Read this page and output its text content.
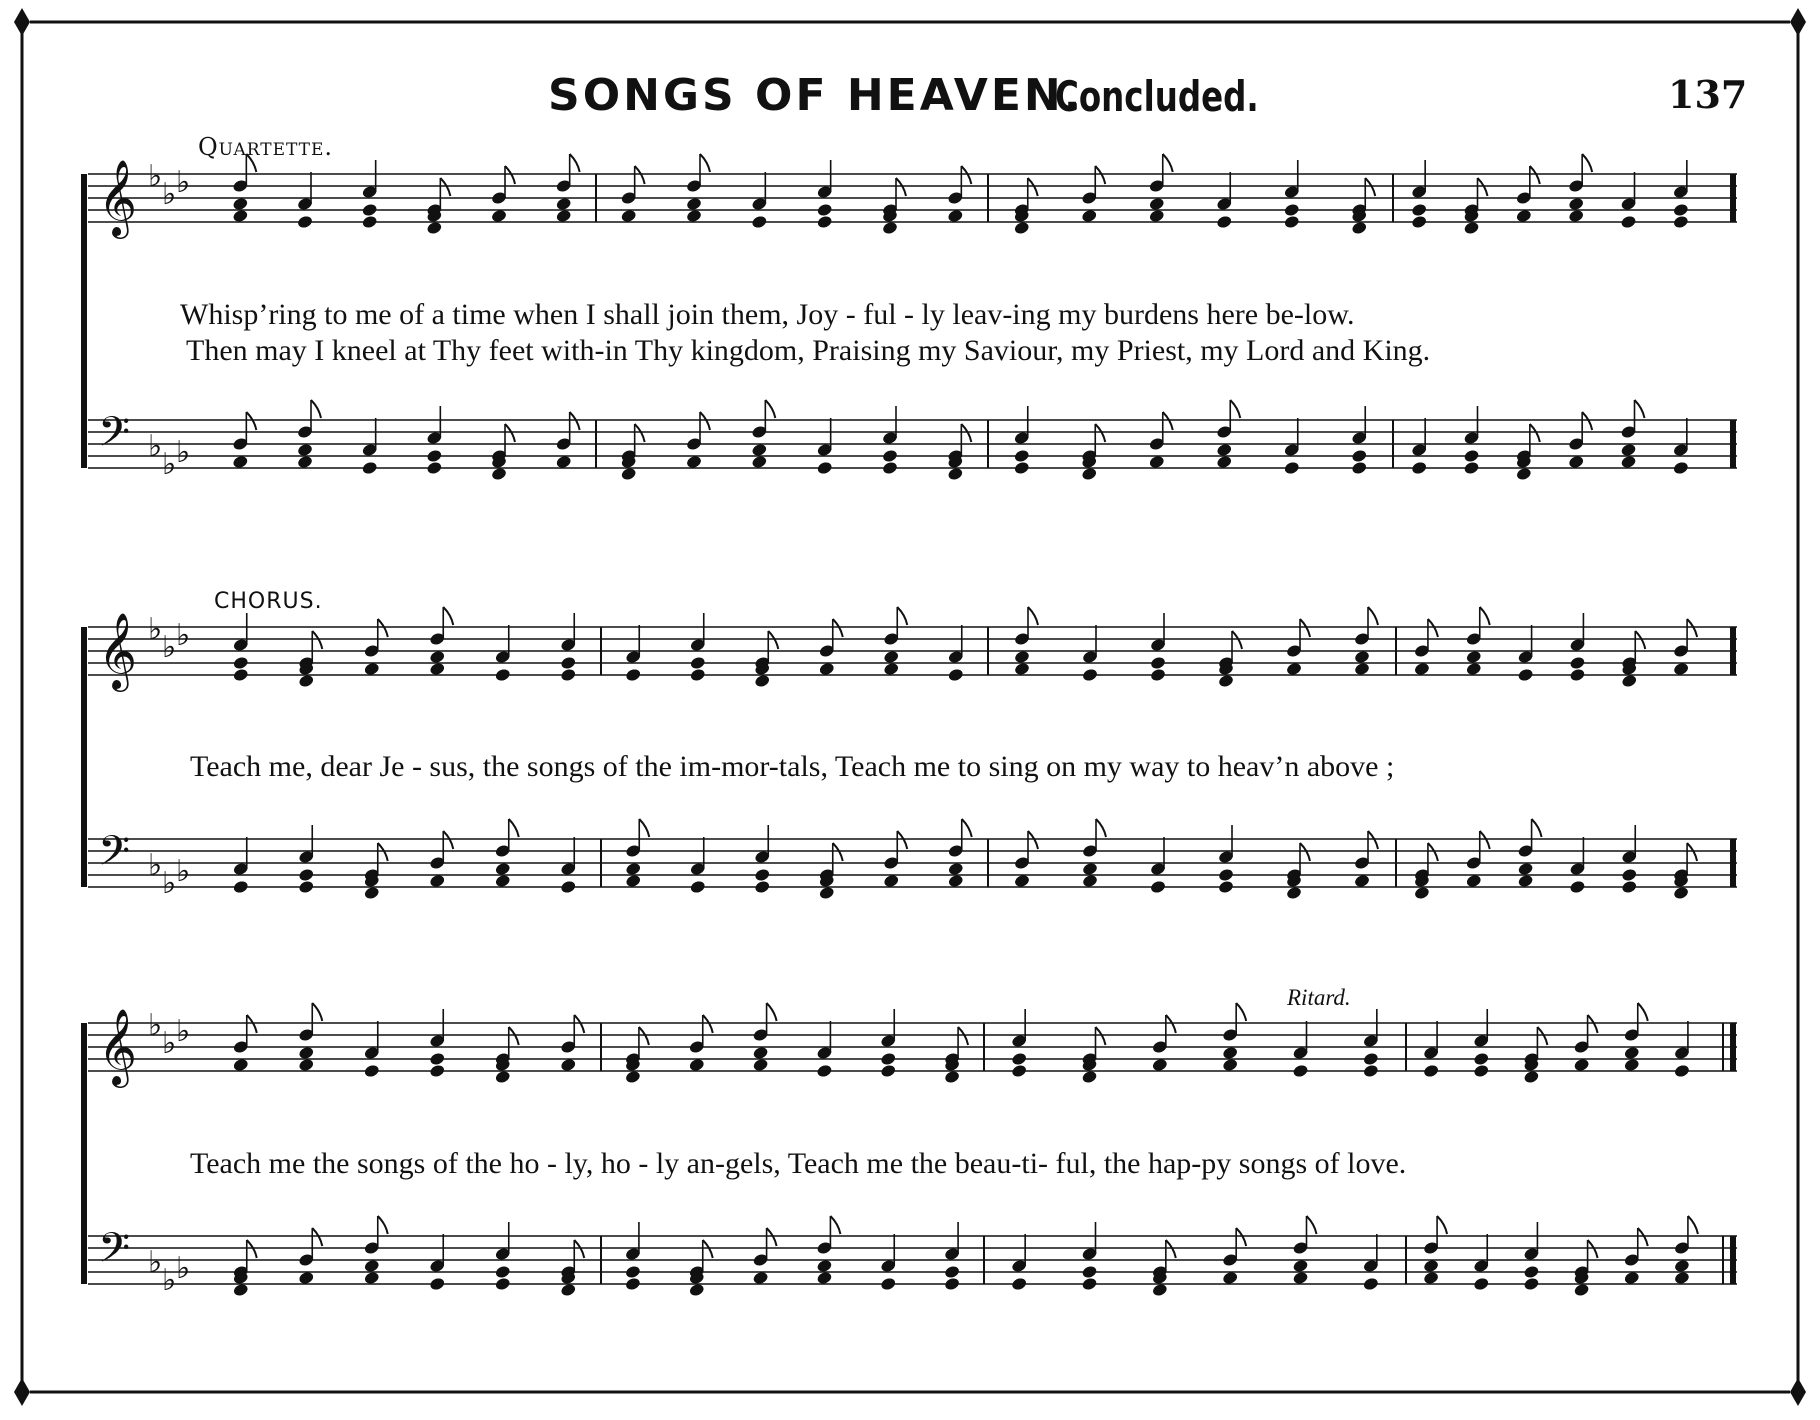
𝄞 ♭
♭ ♭
𝄢 ♭
♭ ♭
𝄞 ♭
♭ ♭
𝄢 ♭
♭ ♭
𝄞 ♭
♭ ♭
𝄢 ♭
♭ ♭
SONGS OF HEAVEN.
Concluded.	137
Quartette.
Whisp’ring to me of a time when I shall join them, Joy - ful - ly leav-ing my burdens here be-low.
Then may I kneel at Thy feet with-in Thy kingdom, Praising my Saviour, my Priest, my Lord and King.
CHORUS.
Teach me, dear Je - sus, the songs of the im-mor-tals, Teach me to sing on my way to heav’n above ;
Ritard.
Teach me the songs of the ho - ly, ho - ly an-gels, Teach me the beau-ti- ful, the hap-py songs of love.
